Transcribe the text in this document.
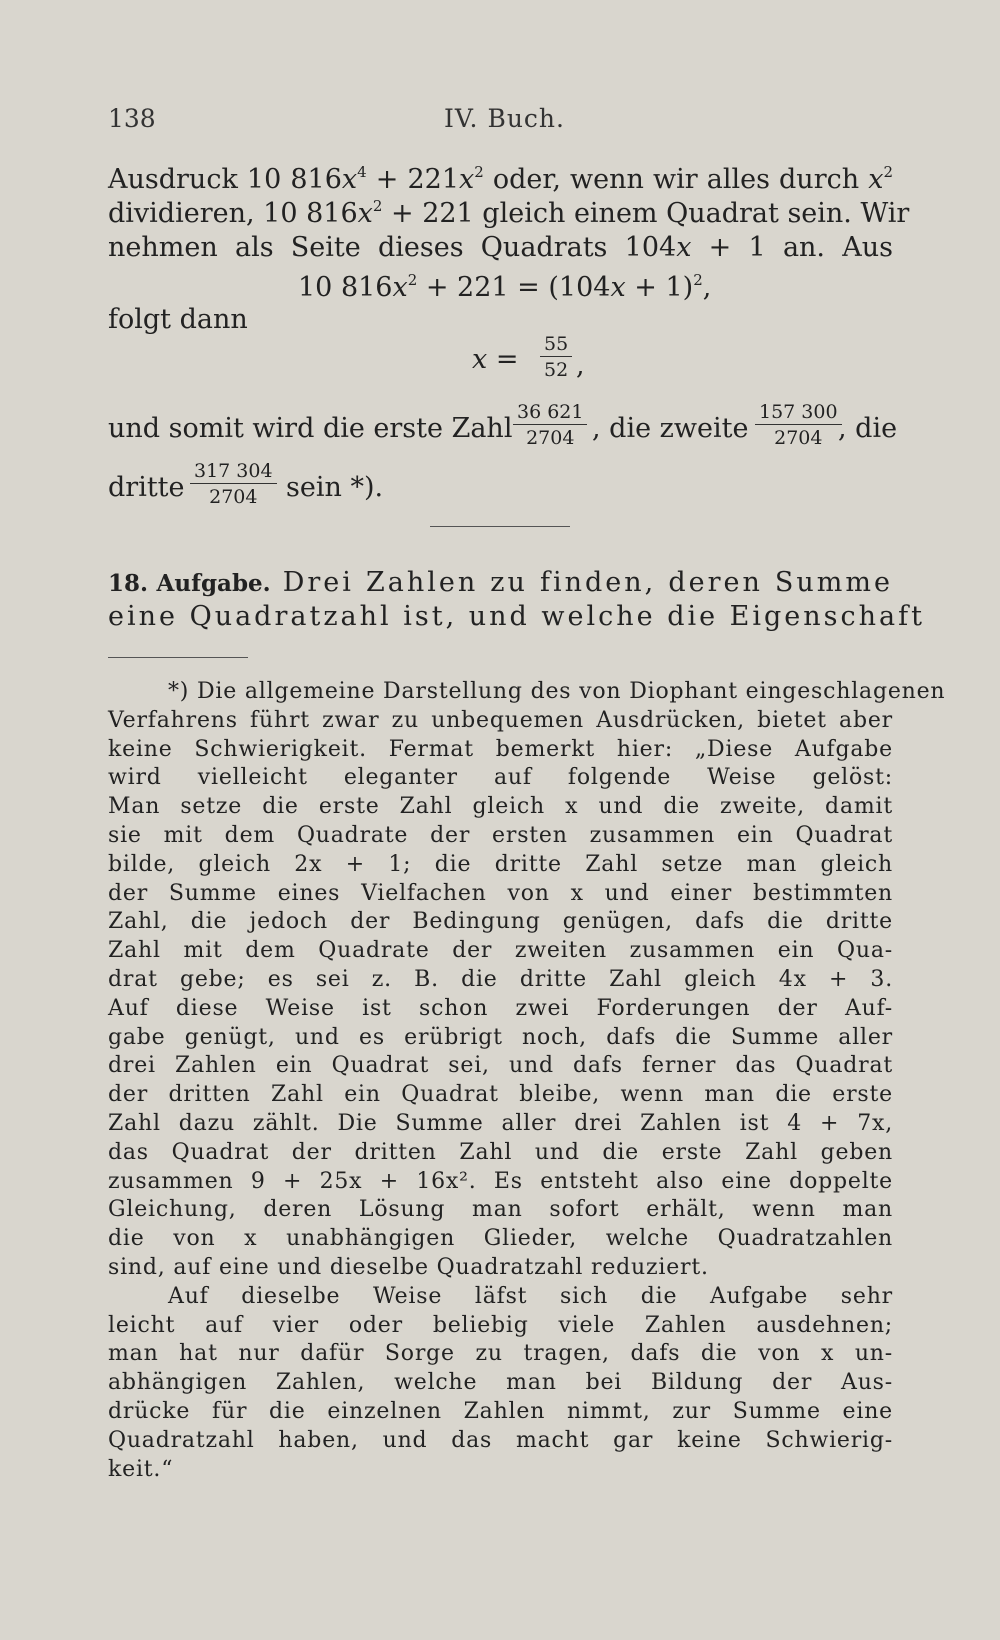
138	IV. Buch.
Ausdruck 10 $816x^4 + 221x^2$ oder, wenn wir alles durch $x^2$
dividieren, 10 $816x^2 + 221$ gleich einem Quadrat sein. Wir
nehmen als Seite dieses Quadrats 104x + 1 an. Aus
10 $816x^2 + 221 = (104x + 1)^2$,
folgt dann
x = 55
52 ,
und somit wird die erste Zahl
36 621
2704 , die zweite
157 300
2704 , die
dritte
317 304
2704	sein *).
18. Aufgabe. Drei Zahlen zu finden, deren Summe
eine Quadratzahl ist, und welche die Eigenschaft
*) Die allgemeine Darstellung des von Diophant eingeschlagenen
Verfahrens führt zwar zu unbequemen Ausdrücken, bietet aber
keine Schwierigkeit. Fermat bemerkt hier: „Diese Aufgabe
wird vielleicht eleganter auf folgende Weise gelöst:
Man setze die erste Zahl gleich x und die zweite, damit
sie mit dem Quadrate der ersten zusammen ein Quadrat
bilde, gleich 2x + 1; die dritte Zahl setze man gleich
der Summe eines Vielfachen von x und einer bestimmten
Zahl, die jedoch der Bedingung genügen, dafs die dritte
Zahl mit dem Quadrate der zweiten zusammen ein Qua-
drat gebe; es sei z. B. die dritte Zahl gleich 4x + 3.
Auf diese Weise ist schon zwei Forderungen der Auf-
gabe genügt, und es erübrigt noch, dafs die Summe aller
drei Zahlen ein Quadrat sei, und dafs ferner das Quadrat
der dritten Zahl ein Quadrat bleibe, wenn man die erste
Zahl dazu zählt. Die Summe aller drei Zahlen ist 4 + 7x,
das Quadrat der dritten Zahl und die erste Zahl geben
zusammen 9 + 25x + 16x². Es entsteht also eine doppelte
Gleichung, deren Lösung man sofort erhält, wenn man
die von x unabhängigen Glieder, welche Quadratzahlen
sind, auf eine und dieselbe Quadratzahl reduziert.
Auf dieselbe Weise läfst sich die Aufgabe sehr
leicht auf vier oder beliebig viele Zahlen ausdehnen;
man hat nur dafür Sorge zu tragen, dafs die von x un-
abhängigen Zahlen, welche man bei Bildung der Aus-
drücke für die einzelnen Zahlen nimmt, zur Summe eine
Quadratzahl haben, und das macht gar keine Schwierig-
keit.“
